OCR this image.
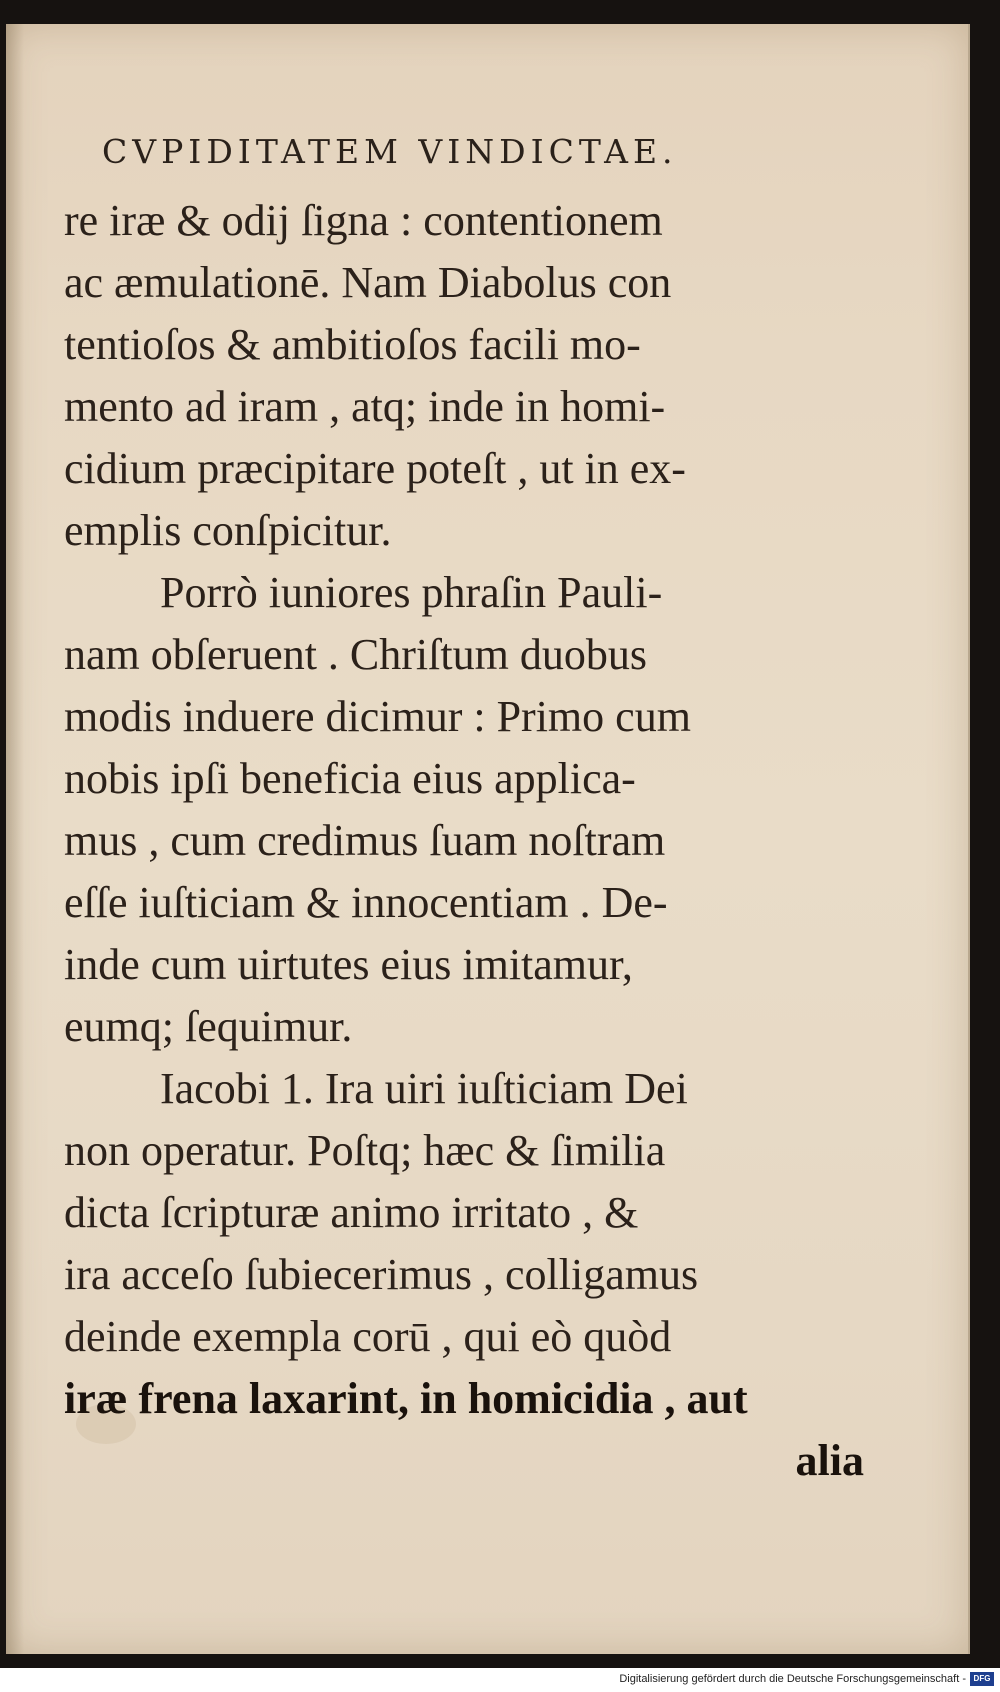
CVPIDITATEM VINDICTAE.
re iræ & odij ſigna : contentionem
ac æmulationē. Nam Diabolus con
tentioſos & ambitioſos facili mo-
mento ad iram , atq; inde in homi-
cidium præcipitare poteſt , ut in ex-
emplis conſpicitur.
Porrò iuniores phraſin Pauli-
nam obſeruent . Chriſtum duobus
modis induere dicimur : Primo cum
nobis ipſi beneficia eius applica-
mus , cum credimus ſuam noſtram
eſſe iuſticiam & innocentiam . De-
inde cum uirtutes eius imitamur,
eumq; ſequimur.
Iacobi 1. Ira uiri iuſticiam Dei
non operatur. Poſtq; hæc & ſimilia
dicta ſcripturæ animo irritato , &
ira acceſo ſubiecerimus , colligamus
deinde exempla corū , qui eò quòd
iræ frena laxarint, in homicidia , aut
alia
Digitalisierung gefördert durch die Deutsche Forschungsgemeinschaft - DFG
